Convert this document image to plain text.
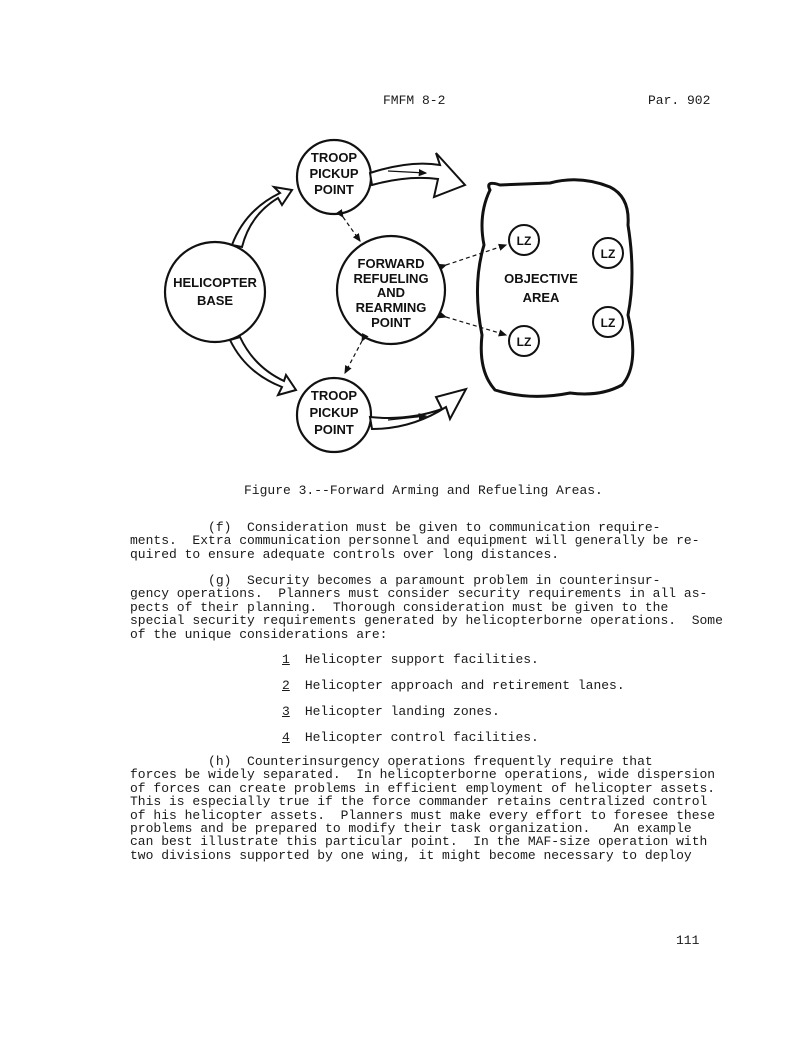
FMFM 8-2	Par. 902
TROOP PICKUP POINT
HELICOPTER BASE
FORWARD REFUELING AND REARMING POINT
TROOP PICKUP POINT
OBJECTIVE AREA
LZ
LZ
LZ
LZ
Figure 3.--Forward Arming and Refueling Areas.

(f)  Consideration must be given to communication require-
ments.  Extra communication personnel and equipment will generally be re-
quired to ensure adequate controls over long distances.

(g)  Security becomes a paramount problem in counterinsur-
gency operations.  Planners must consider security requirements in all as-
pects of their planning.  Thorough consideration must be given to the
special security requirements generated by helicopterborne operations.  Some
of the unique considerations are:

1 Helicopter support facilities.
2 Helicopter approach and retirement lanes.
3 Helicopter landing zones.
4 Helicopter control facilities.

(h)  Counterinsurgency operations frequently require that
forces be widely separated.  In helicopterborne operations, wide dispersion
of forces can create problems in efficient employment of helicopter assets.
This is especially true if the force commander retains centralized control
of his helicopter assets.  Planners must make every effort to foresee these
problems and be prepared to modify their task organization.   An example
can best illustrate this particular point.  In the MAF-size operation with
two divisions supported by one wing, it might become necessary to deploy

111
